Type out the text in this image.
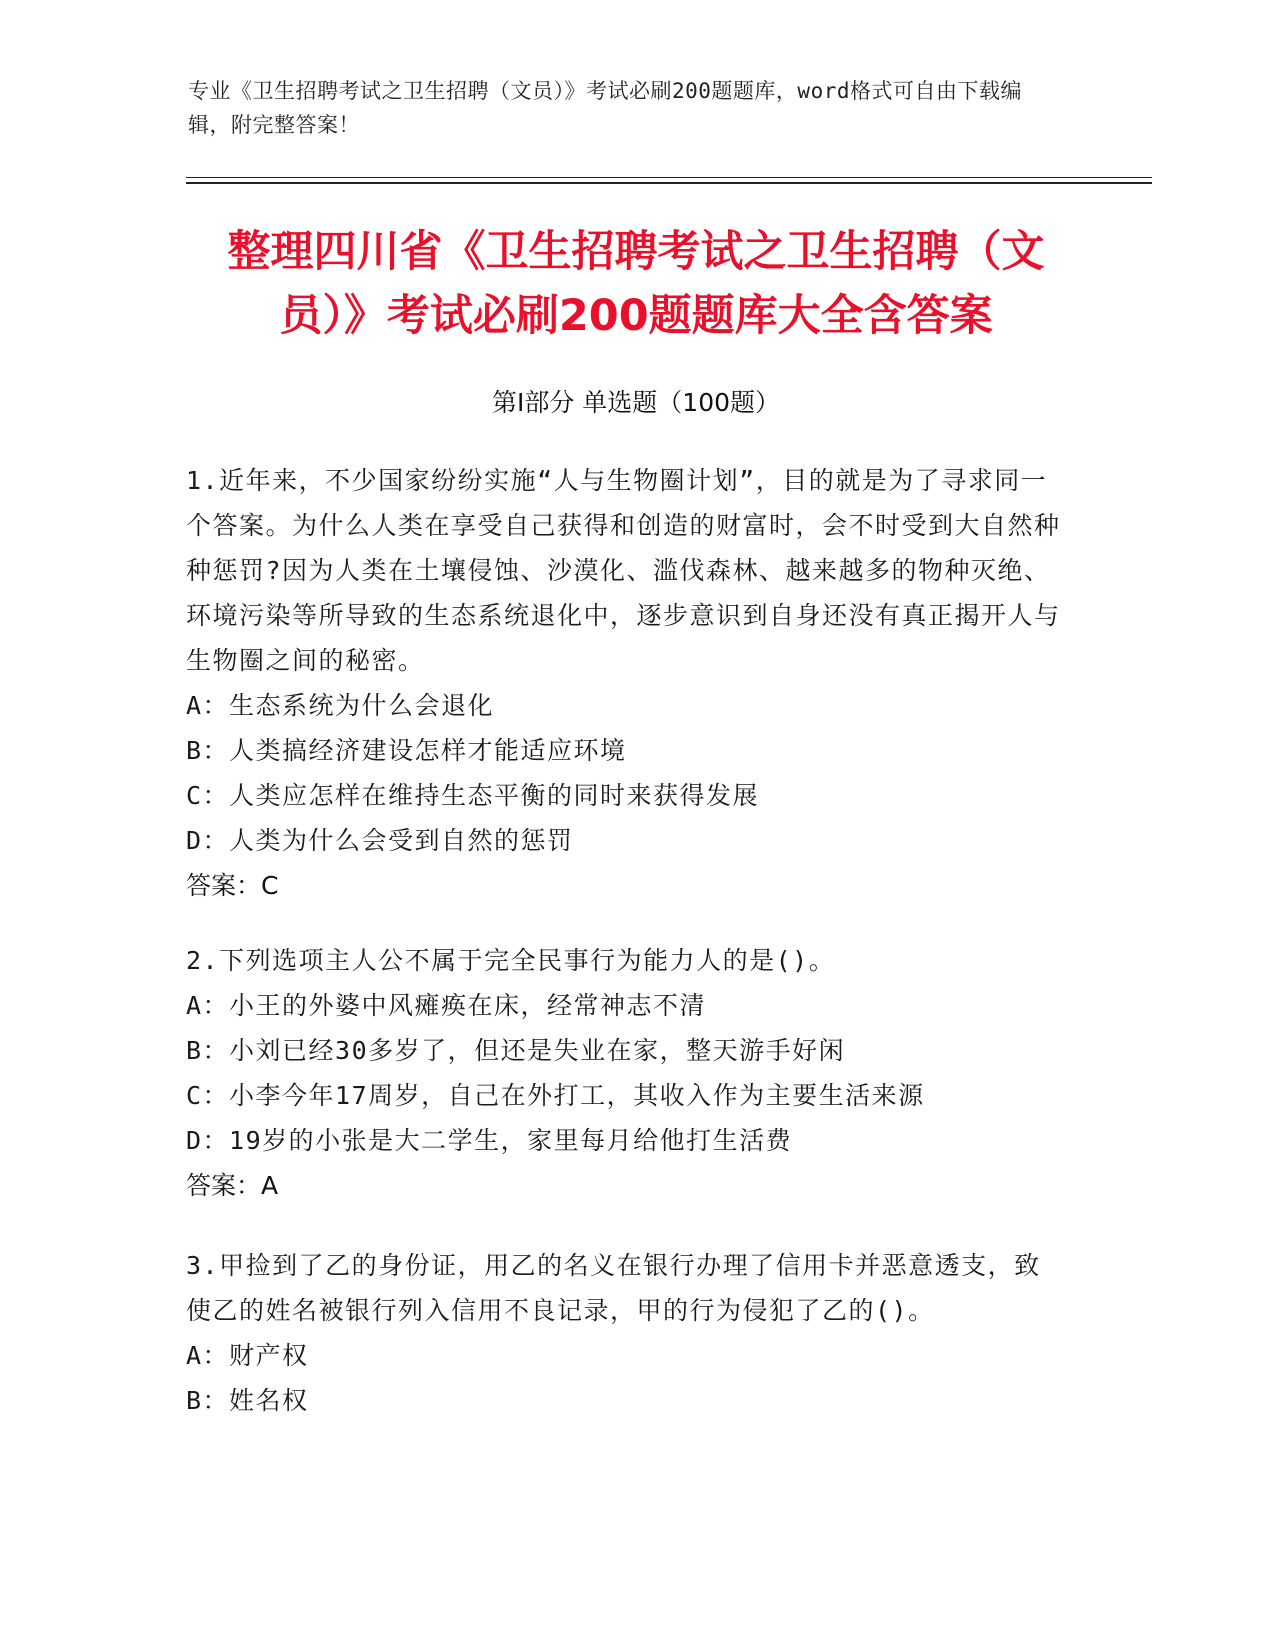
专业《卫生招聘考试之卫生招聘（文员）》考试必刷200题题库，word格式可自由下载编辑，附完整答案！
整理四川省《卫生招聘考试之卫生招聘（文员）》考试必刷200题题库大全含答案
第Ⅰ部分 单选题（100题）

1.近年来，不少国家纷纷实施“人与生物圈计划”，目的就是为了寻求同一个答案。为什么人类在享受自己获得和创造的财富时，会不时受到大自然种种惩罚?因为人类在土壤侵蚀、沙漠化、滥伐森林、越来越多的物种灭绝、环境污染等所导致的生态系统退化中，逐步意识到自身还没有真正揭开人与生物圈之间的秘密。

A：生态系统为什么会退化

B：人类搞经济建设怎样才能适应环境

C：人类应怎样在维持生态平衡的同时来获得发展

D：人类为什么会受到自然的惩罚

答案：C

2.下列选项主人公不属于完全民事行为能力人的是()。

A：小王的外婆中风瘫痪在床，经常神志不清

B：小刘已经30多岁了，但还是失业在家，整天游手好闲

C：小李今年17周岁，自己在外打工，其收入作为主要生活来源

D：19岁的小张是大二学生，家里每月给他打生活费

答案：A

3.甲捡到了乙的身份证，用乙的名义在银行办理了信用卡并恶意透支，致使乙的姓名被银行列入信用不良记录，甲的行为侵犯了乙的()。

A：财产权

B：姓名权
